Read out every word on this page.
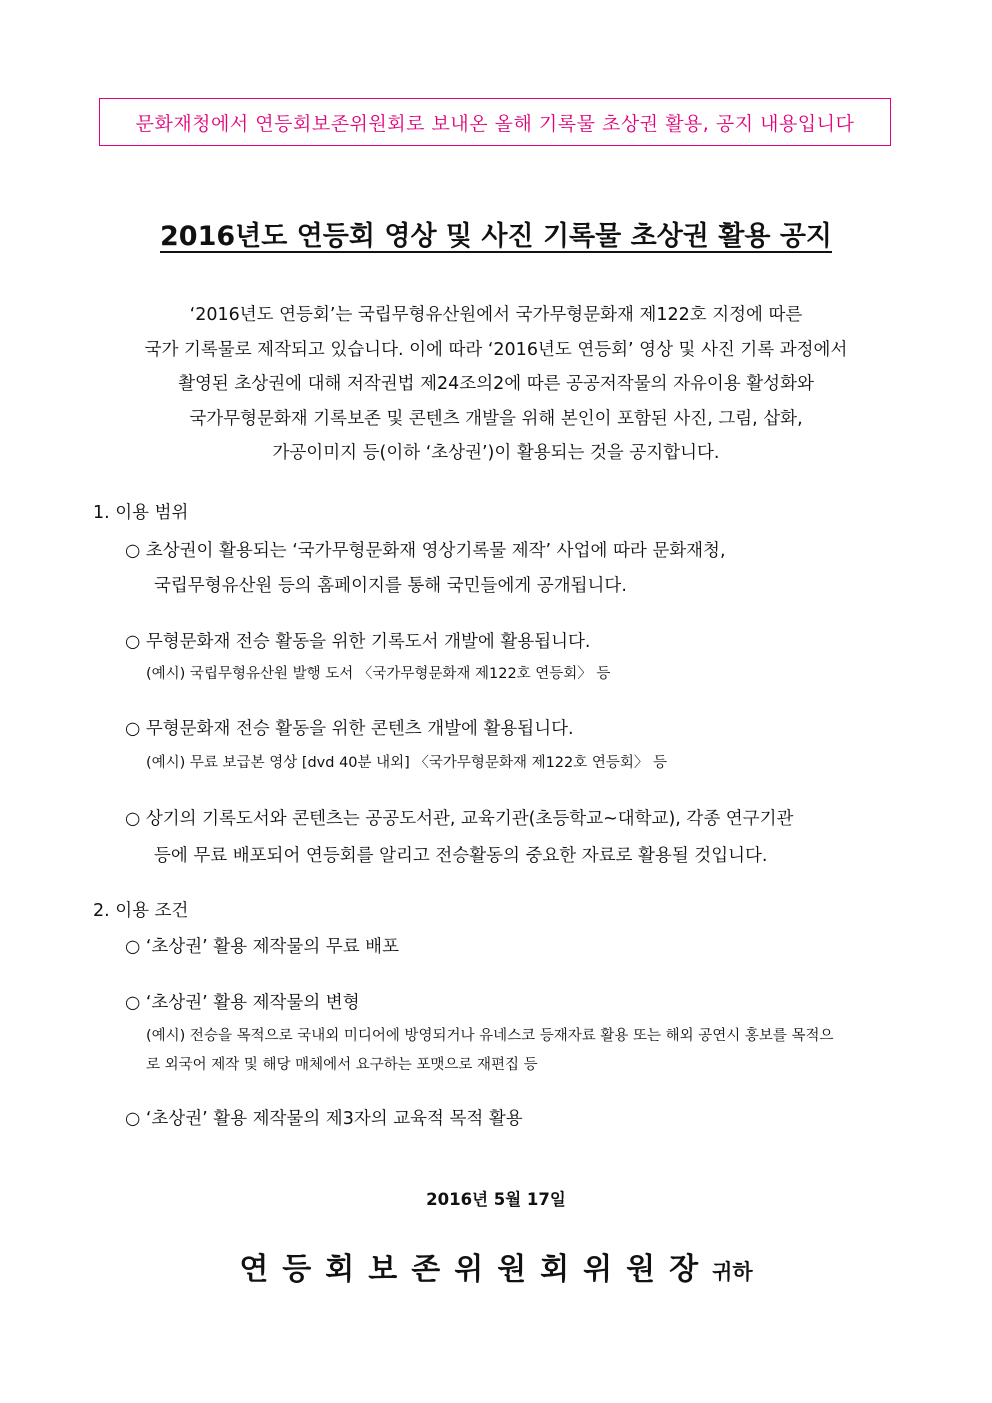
문화재청에서 연등회보존위원회로 보내온 올해 기록물 초상권 활용, 공지 내용입니다
2016년도 연등회 영상 및 사진 기록물 초상권 활용 공지
‘2016년도 연등회’는 국립무형유산원에서 국가무형문화재 제122호 지정에 따른
국가 기록물로 제작되고 있습니다. 이에 따라 ‘2016년도 연등회’ 영상 및 사진 기록 과정에서
촬영된 초상권에 대해 저작권법 제24조의2에 따른 공공저작물의 자유이용 활성화와
국가무형문화재 기록보존 및 콘텐츠 개발을 위해 본인이 포함된 사진, 그림, 삽화,
가공이미지 등(이하 ‘초상권’)이 활용되는 것을 공지합니다.
1. 이용 범위
○ 초상권이 활용되는 ‘국가무형문화재 영상기록물 제작’ 사업에 따라 문화재청,
국립무형유산원 등의 홈페이지를 통해 국민들에게 공개됩니다.
○ 무형문화재 전승 활동을 위한 기록도서 개발에 활용됩니다.
(예시) 국립무형유산원 발행 도서 〈국가무형문화재 제122호 연등회〉 등
○ 무형문화재 전승 활동을 위한 콘텐츠 개발에 활용됩니다.
(예시) 무료 보급본 영상 [dvd 40분 내외] 〈국가무형문화재 제122호 연등회〉 등
○ 상기의 기록도서와 콘텐츠는 공공도서관, 교육기관(초등학교~대학교), 각종 연구기관
등에 무료 배포되어 연등회를 알리고 전승활동의 중요한 자료로 활용될 것입니다.
2. 이용 조건
○ ‘초상권’ 활용 제작물의 무료 배포
○ ‘초상권’ 활용 제작물의 변형
(예시) 전승을 목적으로 국내외 미디어에 방영되거나 유네스코 등재자료 활용 또는 해외 공연시 홍보를 목적으
로 외국어 제작 및 해당 매체에서 요구하는 포맷으로 재편집 등
○ ‘초상권’ 활용 제작물의 제3자의 교육적 목적 활용
2016년 5월 17일
연등회보존위원회위원장귀하
